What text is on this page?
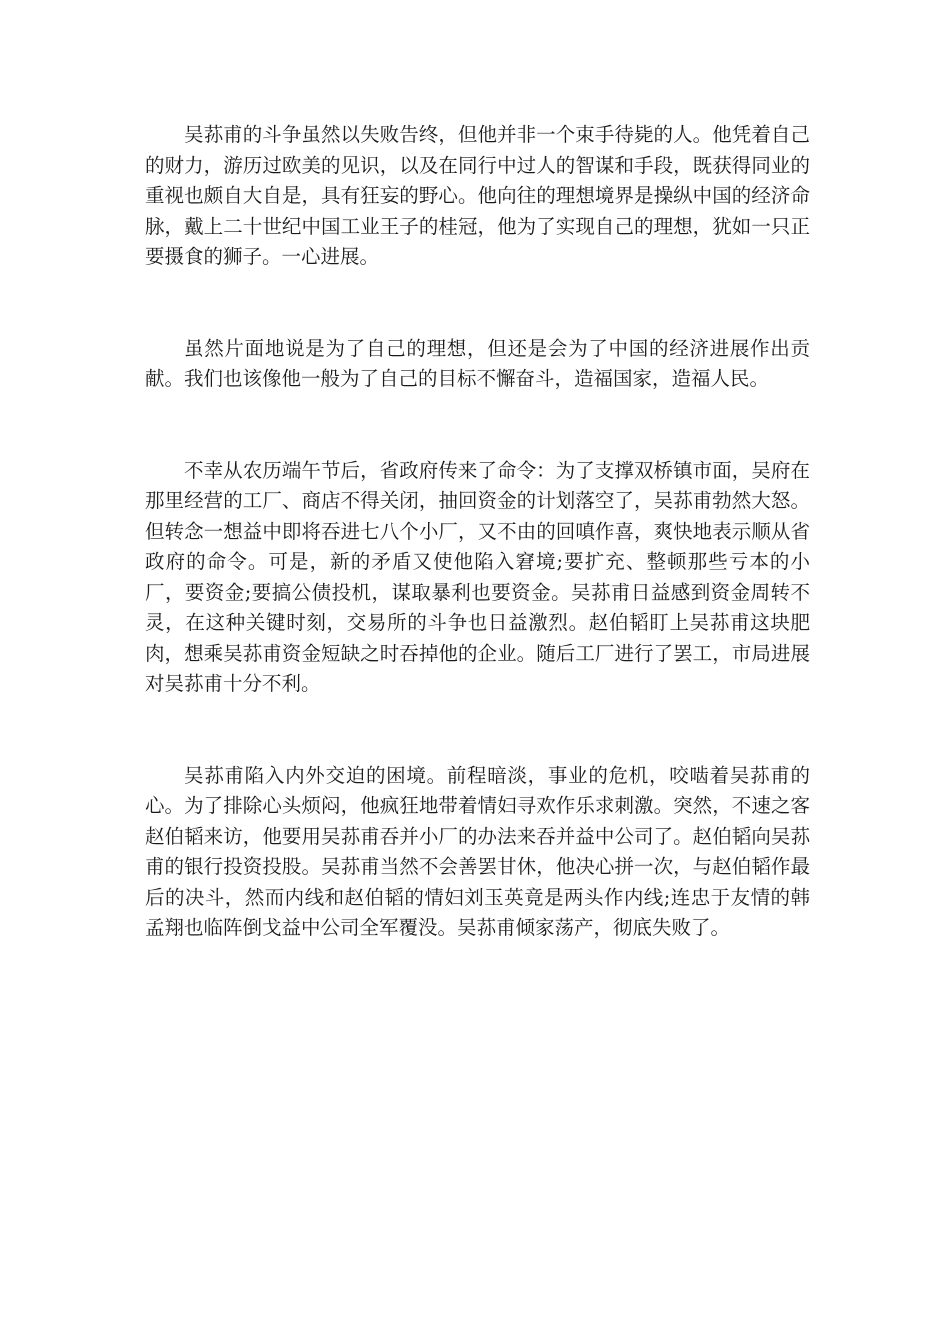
吴荪甫的斗争虽然以失败告终，但他并非一个束手待毙的人。他凭着自己的财力，游历过欧美的见识，以及在同行中过人的智谋和手段，既获得同业的重视也颇自大自是，具有狂妄的野心。他向往的理想境界是操纵中国的经济命脉，戴上二十世纪中国工业王子的桂冠，他为了实现自己的理想，犹如一只正要摄食的狮子。一心进展。

虽然片面地说是为了自己的理想，但还是会为了中国的经济进展作出贡献。我们也该像他一般为了自己的目标不懈奋斗，造福国家，造福人民。

不幸从农历端午节后，省政府传来了命令：为了支撑双桥镇市面，吴府在那里经营的工厂、商店不得关闭，抽回资金的计划落空了，吴荪甫勃然大怒。但转念一想益中即将吞进七八个小厂，又不由的回嗔作喜，爽快地表示顺从省政府的命令。可是，新的矛盾又使他陷入窘境;要扩充、整顿那些亏本的小厂，要资金;要搞公债投机，谋取暴利也要资金。吴荪甫日益感到资金周转不灵，在这种关键时刻，交易所的斗争也日益激烈。赵伯韬盯上吴荪甫这块肥肉，想乘吴荪甫资金短缺之时吞掉他的企业。随后工厂进行了罢工，市局进展对吴荪甫十分不利。

吴荪甫陷入内外交迫的困境。前程暗淡，事业的危机，咬啮着吴荪甫的心。为了排除心头烦闷，他疯狂地带着情妇寻欢作乐求刺激。突然，不速之客赵伯韬来访，他要用吴荪甫吞并小厂的办法来吞并益中公司了。赵伯韬向吴荪甫的银行投资投股。吴荪甫当然不会善罢甘休，他决心拼一次，与赵伯韬作最后的决斗，然而内线和赵伯韬的情妇刘玉英竟是两头作内线;连忠于友情的韩孟翔也临阵倒戈益中公司全军覆没。吴荪甫倾家荡产，彻底失败了。
